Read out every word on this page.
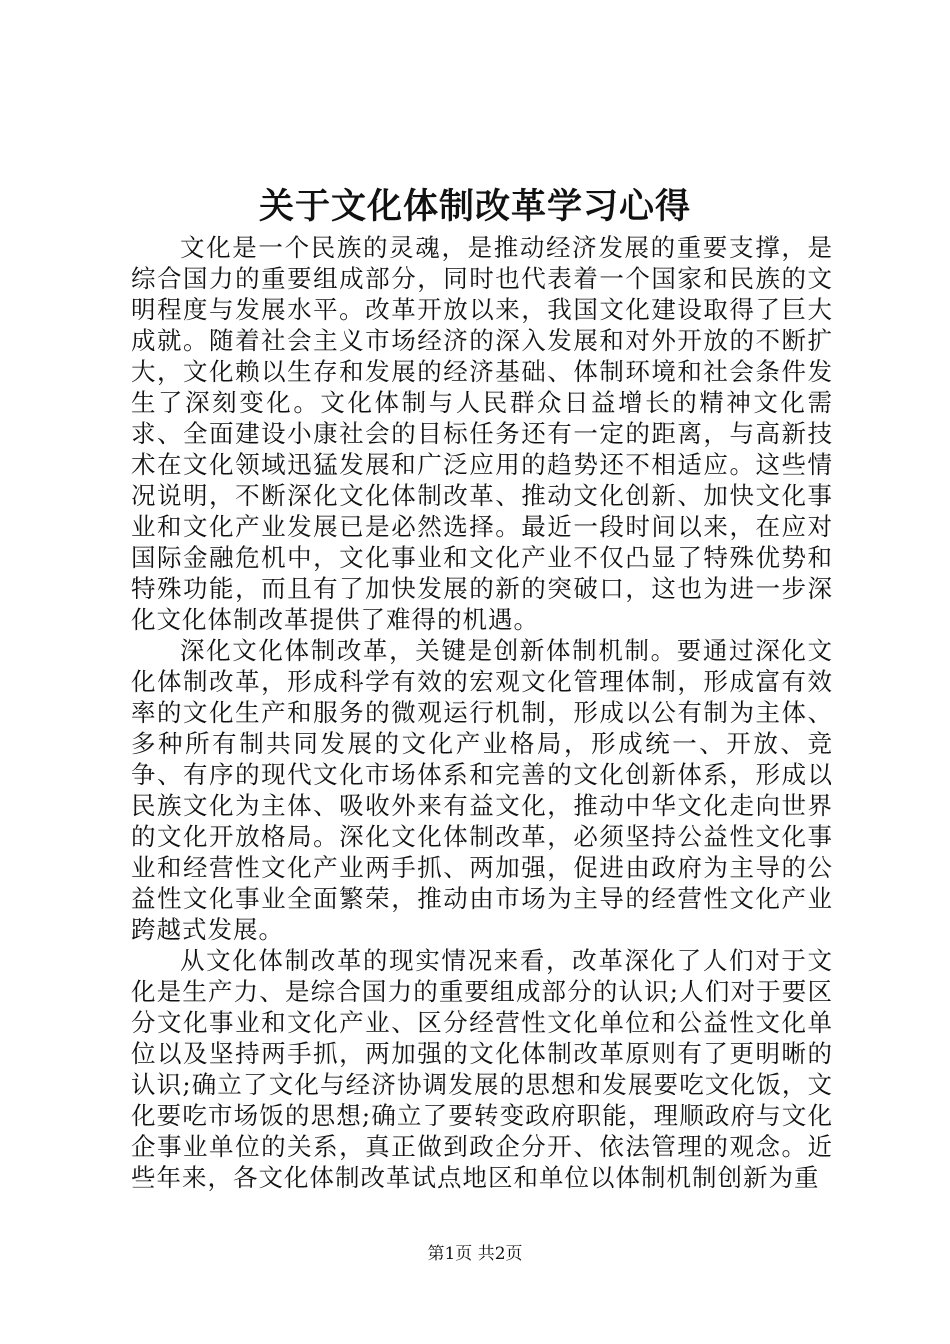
关于文化体制改革学习心得

文化是一个民族的灵魂，是推动经济发展的重要支撑，是综合国力的重要组成部分，同时也代表着一个国家和民族的文明程度与发展水平。改革开放以来，我国文化建设取得了巨大成就。随着社会主义市场经济的深入发展和对外开放的不断扩大，文化赖以生存和发展的经济基础、体制环境和社会条件发生了深刻变化。文化体制与人民群众日益增长的精神文化需求、全面建设小康社会的目标任务还有一定的距离，与高新技术在文化领域迅猛发展和广泛应用的趋势还不相适应。这些情况说明，不断深化文化体制改革、推动文化创新、加快文化事业和文化产业发展已是必然选择。最近一段时间以来，在应对国际金融危机中，文化事业和文化产业不仅凸显了特殊优势和特殊功能，而且有了加快发展的新的突破口，这也为进一步深化文化体制改革提供了难得的机遇。

深化文化体制改革，关键是创新体制机制。要通过深化文化体制改革，形成科学有效的宏观文化管理体制，形成富有效率的文化生产和服务的微观运行机制，形成以公有制为主体、多种所有制共同发展的文化产业格局，形成统一、开放、竞争、有序的现代文化市场体系和完善的文化创新体系，形成以民族文化为主体、吸收外来有益文化，推动中华文化走向世界的文化开放格局。深化文化体制改革，必须坚持公益性文化事业和经营性文化产业两手抓、两加强，促进由政府为主导的公益性文化事业全面繁荣，推动由市场为主导的经营性文化产业跨越式发展。

从文化体制改革的现实情况来看，改革深化了人们对于文化是生产力、是综合国力的重要组成部分的认识;人们对于要区分文化事业和文化产业、区分经营性文化单位和公益性文化单位以及坚持两手抓，两加强的文化体制改革原则有了更明晰的认识;确立了文化与经济协调发展的思想和发展要吃文化饭，文化要吃市场饭的思想;确立了要转变政府职能，理顺政府与文化企事业单位的关系，真正做到政企分开、依法管理的观念。近些年来，各文化体制改革试点地区和单位以体制机制创新为重

第1页 共2页
